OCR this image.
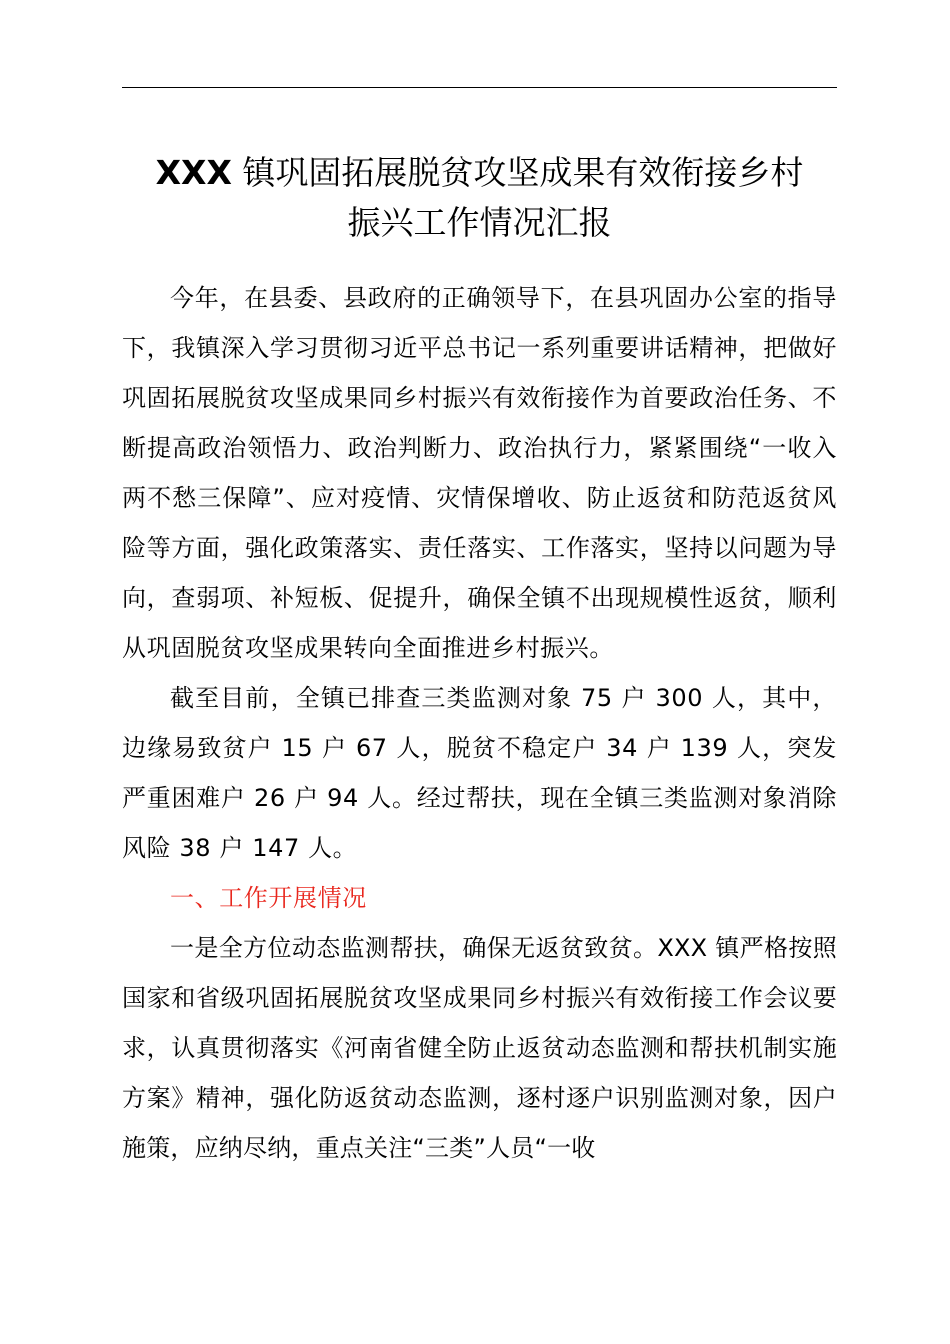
XXX 镇巩固拓展脱贫攻坚成果有效衔接乡村
振兴工作情况汇报

今年，在县委、县政府的正确领导下，在县巩固办公室的指导下，我镇深入学习贯彻习近平总书记一系列重要讲话精神，把做好巩固拓展脱贫攻坚成果同乡村振兴有效衔接作为首要政治任务、不断提高政治领悟力、政治判断力、政治执行力，紧紧围绕“一收入两不愁三保障”、应对疫情、灾情保增收、防止返贫和防范返贫风险等方面，强化政策落实、责任落实、工作落实，坚持以问题为导向，查弱项、补短板、促提升，确保全镇不出现规模性返贫，顺利从巩固脱贫攻坚成果转向全面推进乡村振兴。

截至目前，全镇已排查三类监测对象 75 户 300 人，其中，边缘易致贫户 15 户 67 人，脱贫不稳定户 34 户 139 人，突发严重困难户 26 户 94 人。经过帮扶，现在全镇三类监测对象消除风险 38 户 147 人。

一、工作开展情况

一是全方位动态监测帮扶，确保无返贫致贫。XXX 镇严格按照国家和省级巩固拓展脱贫攻坚成果同乡村振兴有效衔接工作会议要求，认真贯彻落实《河南省健全防止返贫动态监测和帮扶机制实施方案》精神，强化防返贫动态监测，逐村逐户识别监测对象，因户施策，应纳尽纳，重点关注“三类”人员“一收
